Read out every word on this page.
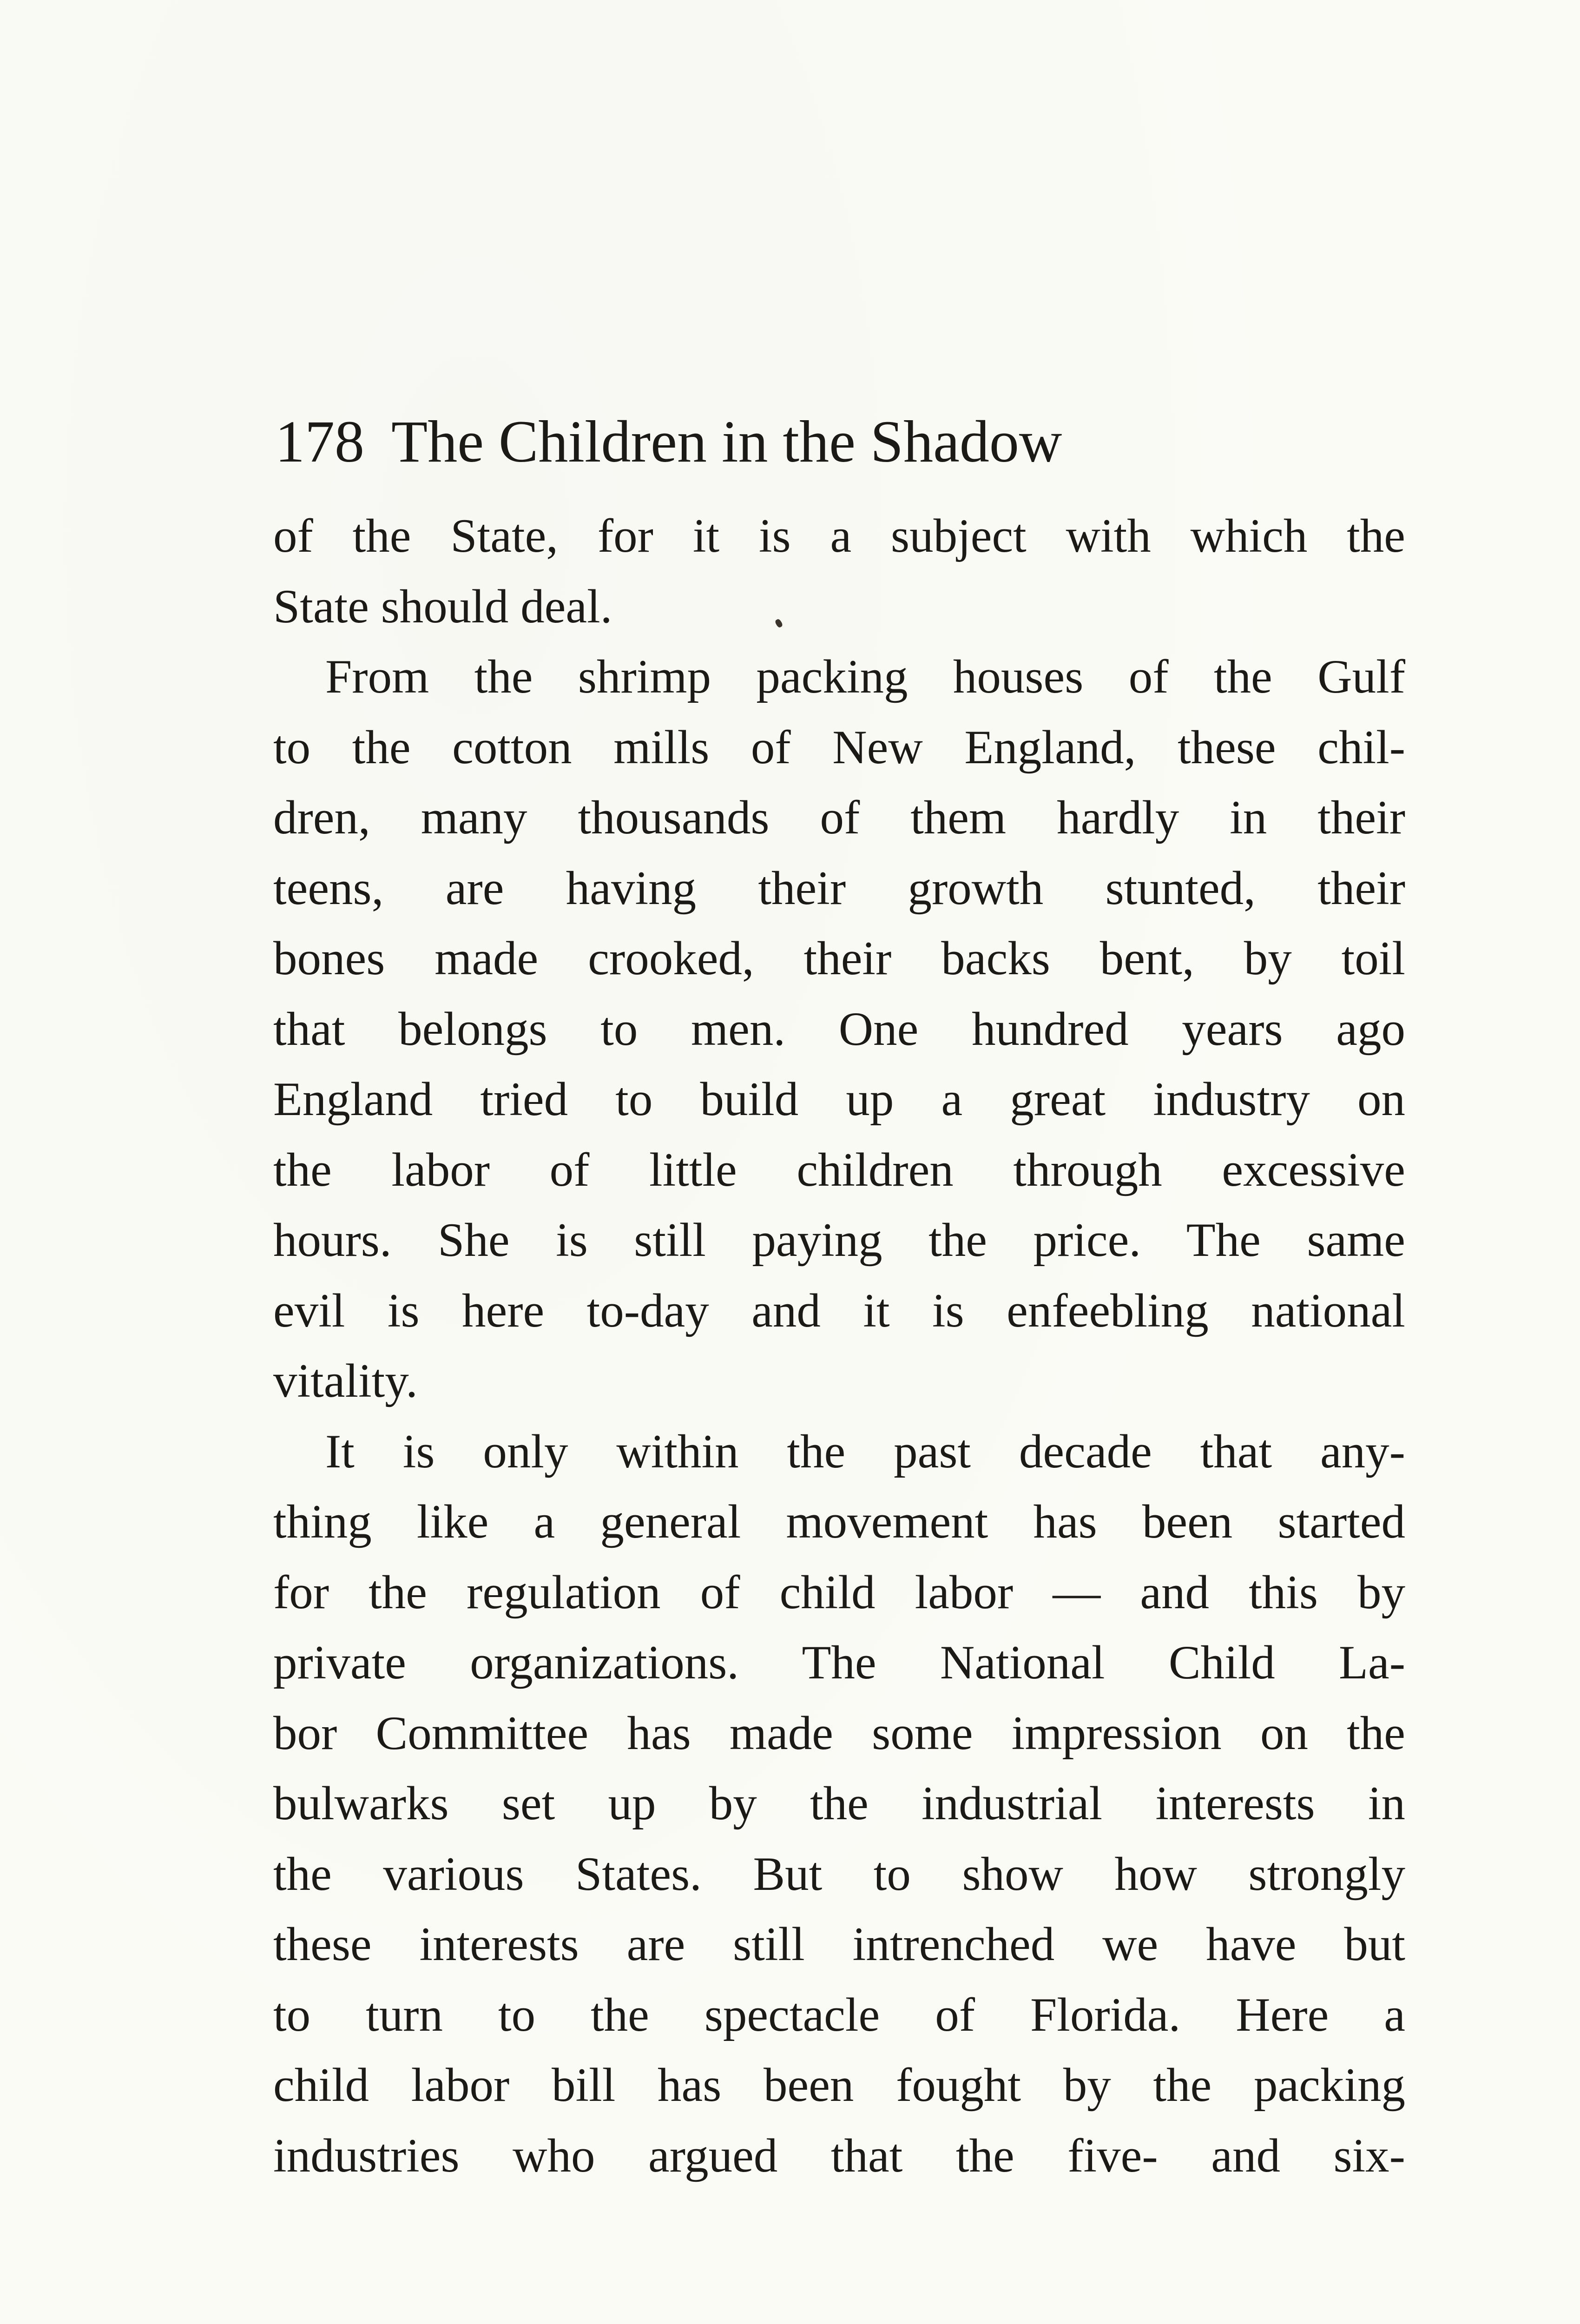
178 The Children in the Shadow
of the State, for it is a subject with which the
State should deal.
From the shrimp packing houses of the Gulf
to the cotton mills of New England, these chil-
dren, many thousands of them hardly in their
teens, are having their growth stunted, their
bones made crooked, their backs bent, by toil
that belongs to men. One hundred years ago
England tried to build up a great industry on
the labor of little children through excessive
hours. She is still paying the price. The same
evil is here to-day and it is enfeebling national
vitality.
It is only within the past decade that any-
thing like a general movement has been started
for the regulation of child labor — and this by
private organizations. The National Child La-
bor Committee has made some impression on the
bulwarks set up by the industrial interests in
the various States. But to show how strongly
these interests are still intrenched we have but
to turn to the spectacle of Florida. Here a
child labor bill has been fought by the packing
industries who argued that the five- and six-
